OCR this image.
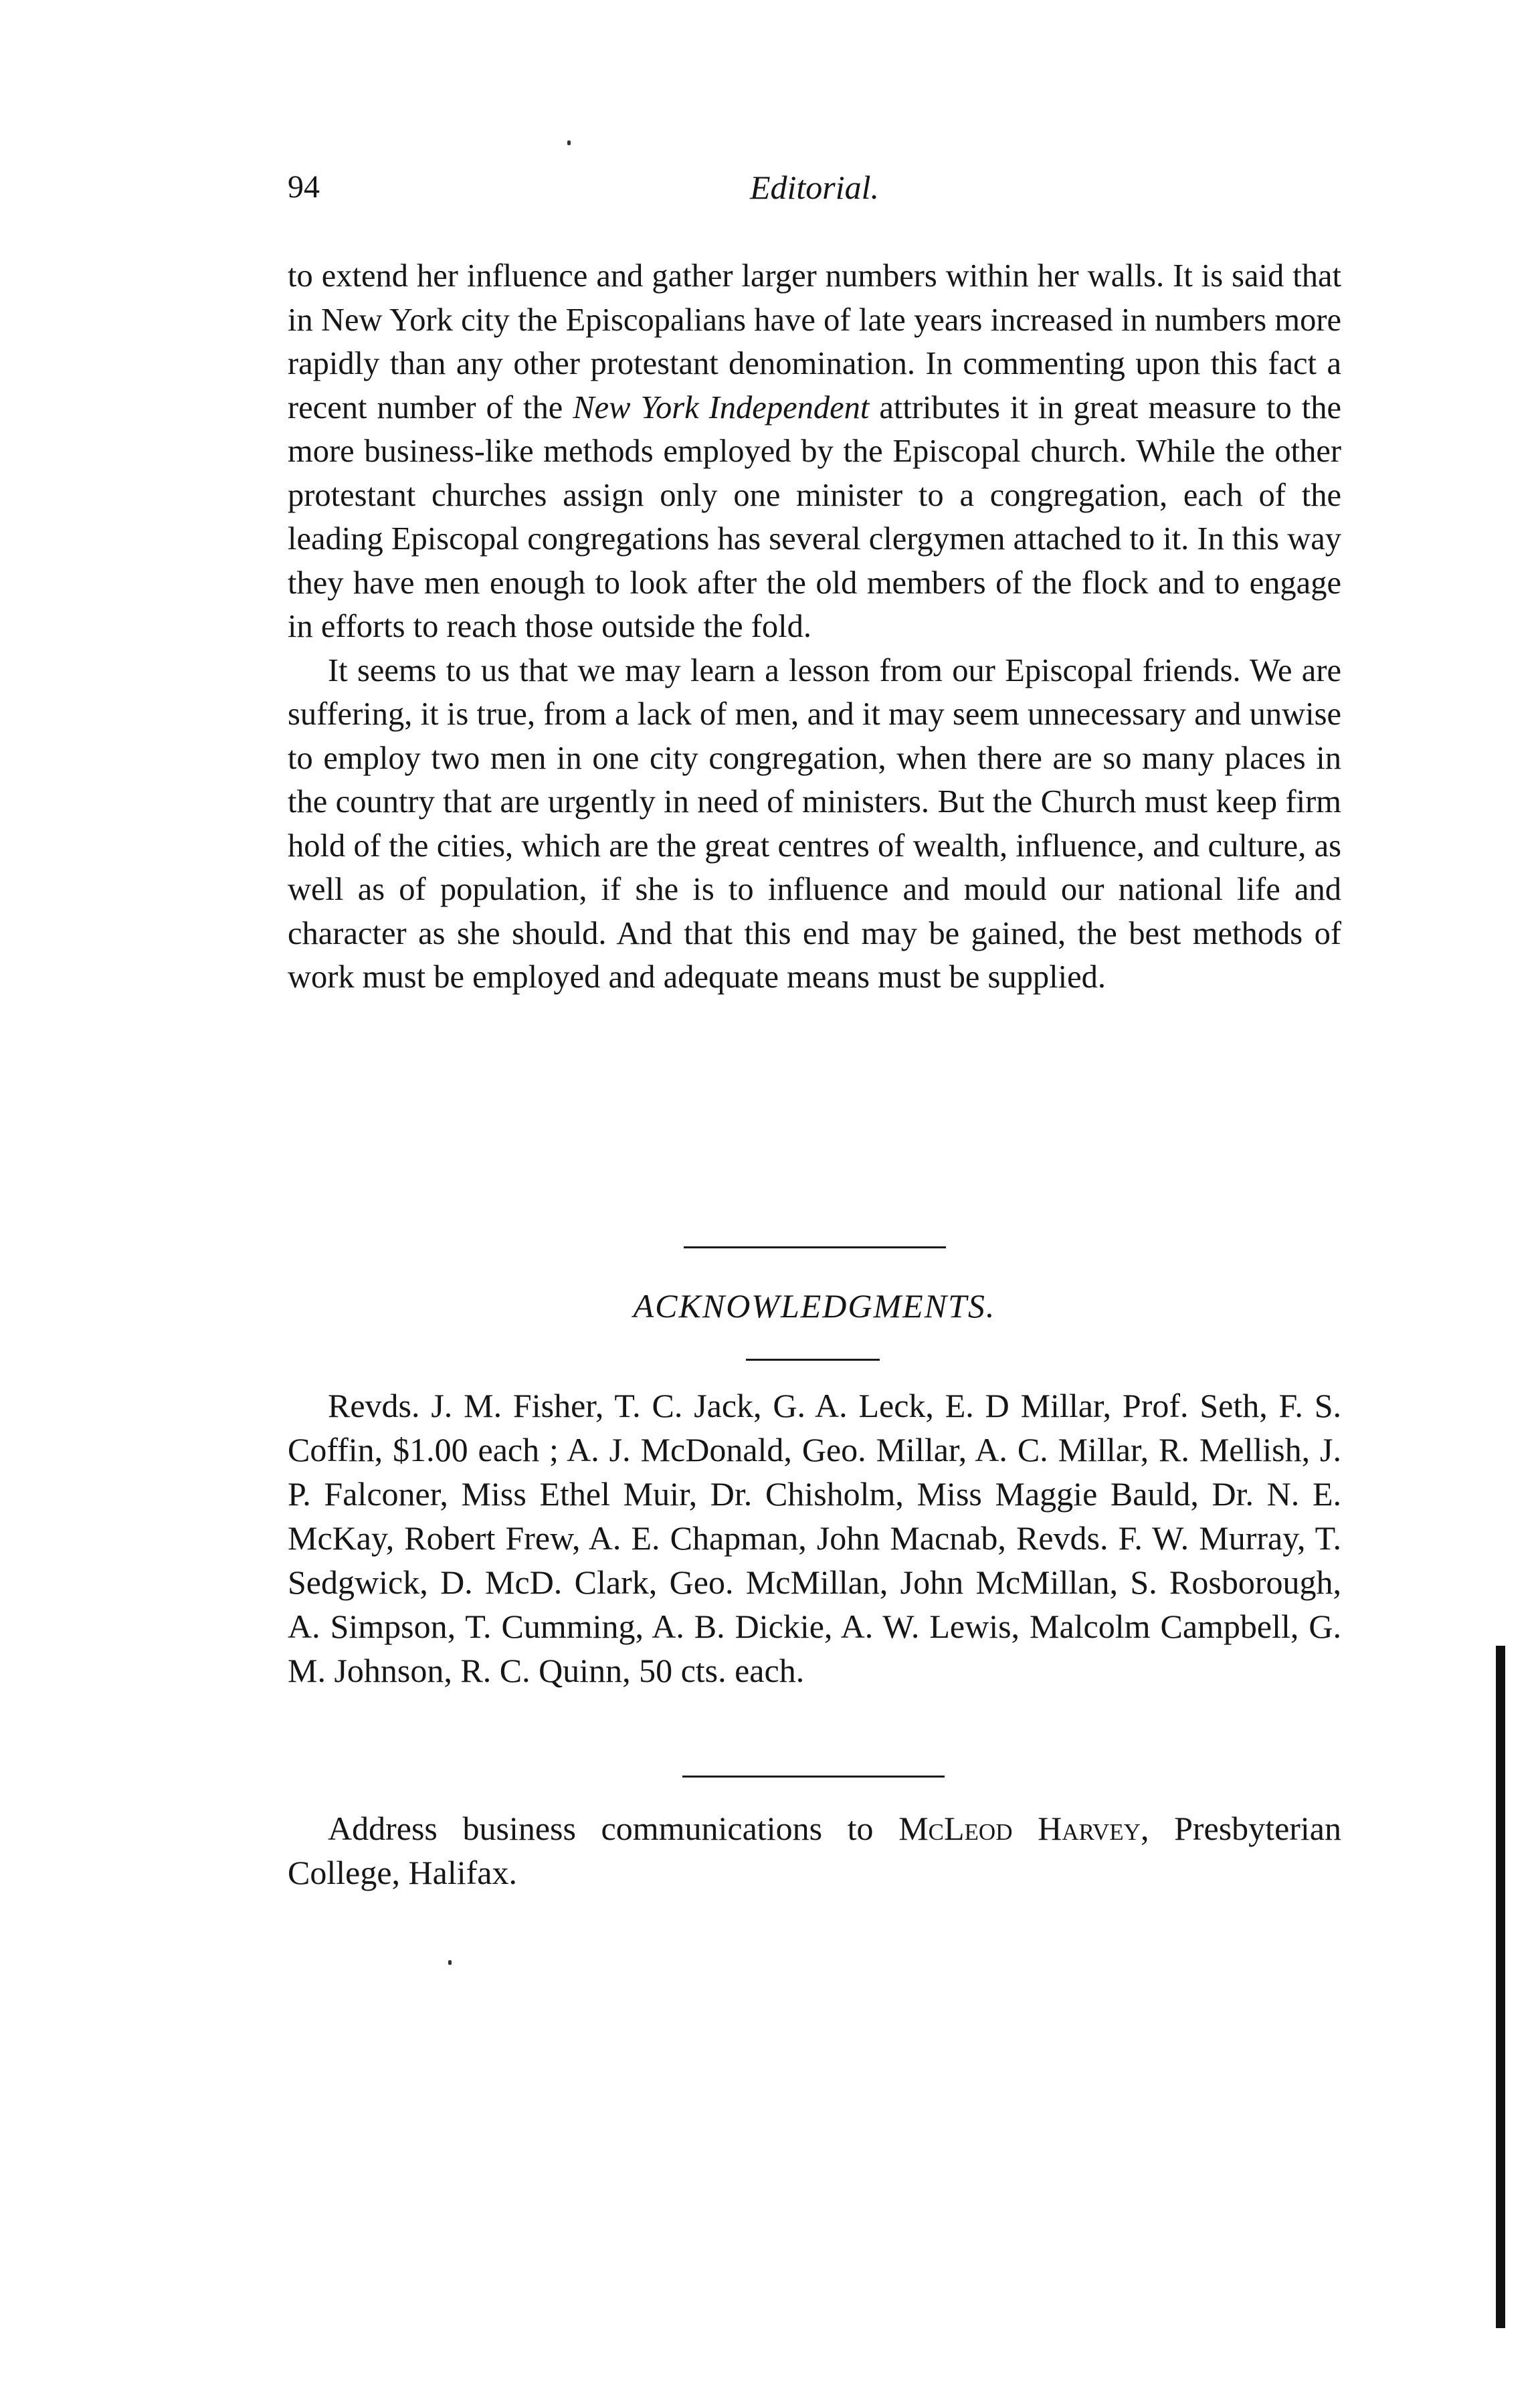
94	Editorial.

to extend her influence and gather larger numbers within her walls. It is said that in New York city the Episcopalians have of late years increased in numbers more rapidly than any other protestant denomination. In commenting upon this fact a recent number of the New York Independent attributes it in great measure to the more business-like methods employed by the Episcopal church. While the other protestant churches assign only one minister to a congregation, each of the leading Episcopal congregations has several clergymen attached to it. In this way they have men enough to look after the old members of the flock and to engage in efforts to reach those outside the fold.

It seems to us that we may learn a lesson from our Episcopal friends. We are suffering, it is true, from a lack of men, and it may seem unnecessary and unwise to employ two men in one city congregation, when there are so many places in the country that are urgently in need of ministers. But the Church must keep firm hold of the cities, which are the great centres of wealth, influence, and culture, as well as of population, if she is to influence and mould our national life and character as she should. And that this end may be gained, the best methods of work must be employed and adequate means must be supplied.

ACKNOWLEDGMENTS.

Revds. J. M. Fisher, T. C. Jack, G. A. Leck, E. D Millar, Prof. Seth, F. S. Coffin, $1.00 each ; A. J. McDonald, Geo. Millar, A. C. Millar, R. Mellish, J. P. Falconer, Miss Ethel Muir, Dr. Chisholm, Miss Maggie Bauld, Dr. N. E. McKay, Robert Frew, A. E. Chapman, John Macnab, Revds. F. W. Murray, T. Sedgwick, D. McD. Clark, Geo. McMillan, John McMillan, S. Rosborough, A. Simpson, T. Cumming, A. B. Dickie, A. W. Lewis, Malcolm Campbell, G. M. Johnson, R. C. Quinn, 50 cts. each.

Address business communications to McLeod Harvey, Presbyterian College, Halifax.
